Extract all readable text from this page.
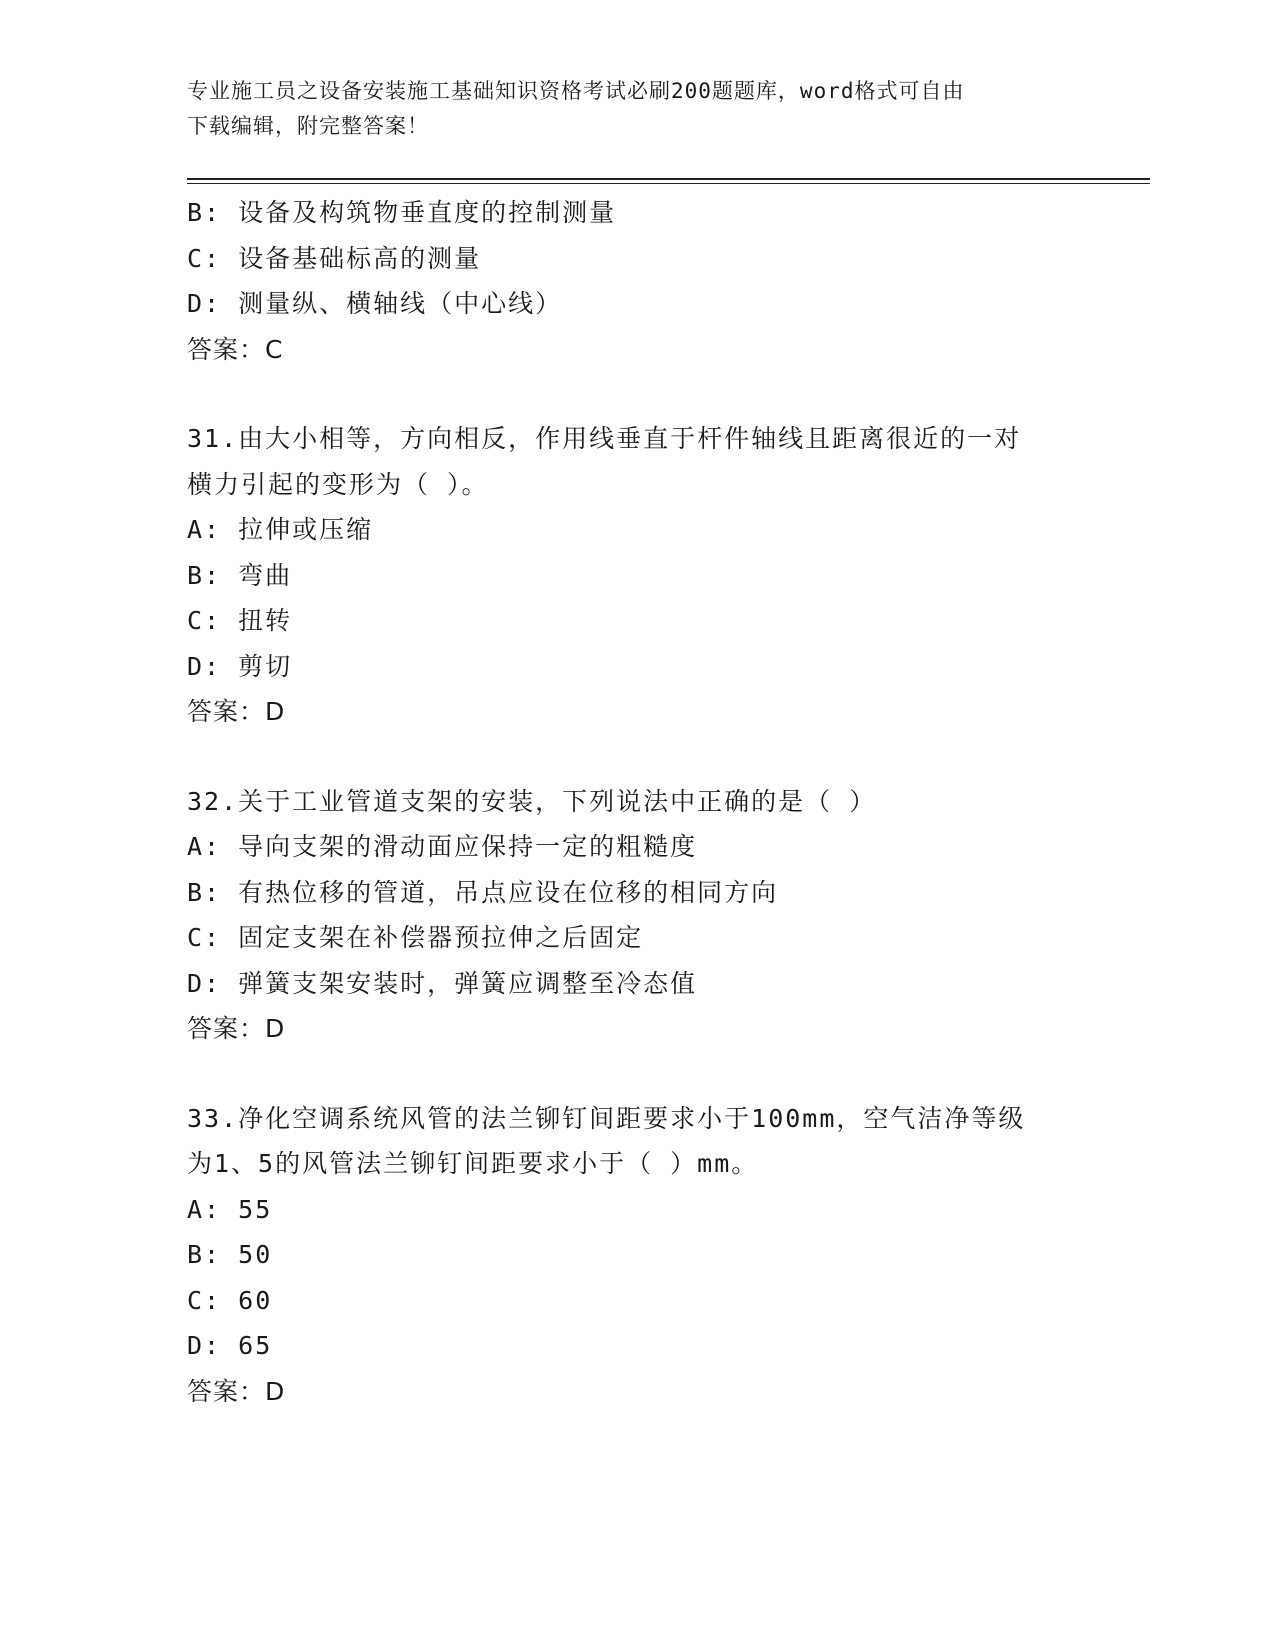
专业施工员之设备安装施工基础知识资格考试必刷200题题库，word格式可自由
下载编辑，附完整答案！
B: 设备及构筑物垂直度的控制测量
C: 设备基础标高的测量
D: 测量纵、横轴线（中心线）
答案：C
31.由大小相等，方向相反，作用线垂直于杆件轴线且距离很近的一对
横力引起的变形为（ ）。
A: 拉伸或压缩
B: 弯曲
C: 扭转
D: 剪切
答案：D
32.关于工业管道支架的安装，下列说法中正确的是（ ）
A: 导向支架的滑动面应保持一定的粗糙度
B: 有热位移的管道，吊点应设在位移的相同方向
C: 固定支架在补偿器预拉伸之后固定
D: 弹簧支架安装时，弹簧应调整至冷态值
答案：D
33.净化空调系统风管的法兰铆钉间距要求小于100mm，空气洁净等级
为1、5的风管法兰铆钉间距要求小于（ ）mm。
A: 55
B: 50
C: 60
D: 65
答案：D
